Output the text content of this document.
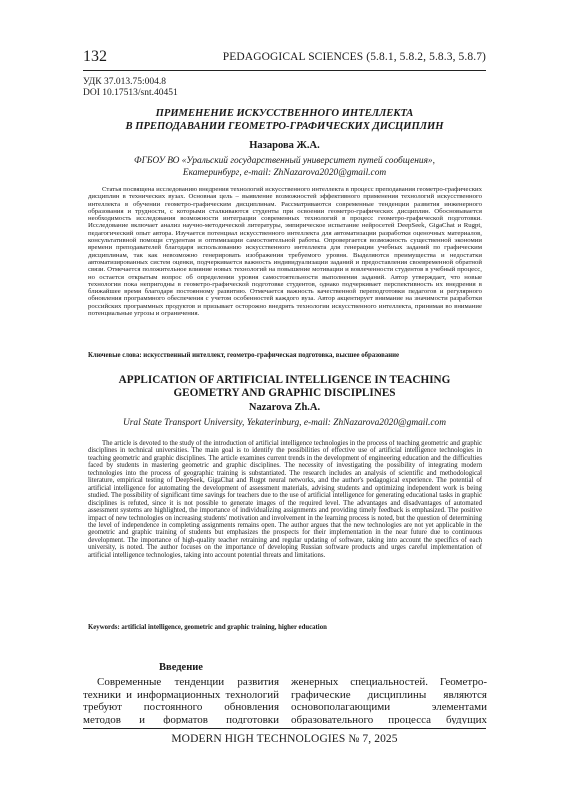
132	PEDAGOGICAL SCIENCES (5.8.1, 5.8.2, 5.8.3, 5.8.7)
УДК 37.013.75:004.8
DOI 10.17513/snt.40451
ПРИМЕНЕНИЕ ИСКУССТВЕННОГО ИНТЕЛЛЕКТА
В ПРЕПОДАВАНИИ ГЕОМЕТРО-ГРАФИЧЕСКИХ ДИСЦИПЛИН
Назарова Ж.А.
ФГБОУ ВО «Уральский государственный университет путей сообщения»,
Екатеринбург, e-mail: ZhNazarova2020@gmail.com

Статья посвящена исследованию внедрения технологий искусственного интеллекта в процесс преподавания геометро-графических дисциплин в технических вузах. Основная цель – выявление возможностей эффективного применения технологий искусственного интеллекта в обучении геометро-графическим дисциплинам. Рассматриваются современные тенденции развития инженерного образования и трудности, с которыми сталкиваются студенты при освоении геометро-графических дисциплин. Обосновывается необходимость исследования возможности интеграции современных технологий в процесс геометро-графической подготовки. Исследование включает анализ научно-методической литературы, эмпирическое испытание нейросетей DeepSeek, GigaChat и Rugpt, педагогический опыт автора. Изучается потенциал искусственного интеллекта для автоматизации разработки оценочных материалов, консультативной помощи студентам и оптимизации самостоятельной работы. Опровергается возможность существенной экономии времени преподавателей благодаря использованию искусственного интеллекта для генерации учебных заданий по графическим дисциплинам, так как невозможно генерировать изображения требуемого уровня. Выделяются преимущества и недостатки автоматизированных систем оценки, подчеркивается важность индивидуализации заданий и предоставления своевременной обратной связи. Отмечается положительное влияние новых технологий на повышение мотивации и вовлеченности студентов в учебный процесс, но остается открытым вопрос об определении уровня самостоятельности выполнения заданий. Автор утверждает, что новые технологии пока непригодны в геометро-графической подготовке студентов, однако подчеркивает перспективность их внедрения в ближайшее время благодаря постоянному развитию. Отмечается важность качественной переподготовки педагогов и регулярного обновления программного обеспечения с учетом особенностей каждого вуза. Автор акцентирует внимание на значимости разработки российских программных продуктов и призывает осторожно внедрять технологии искусственного интеллекта, принимая во внимание потенциальные угрозы и ограничения.

Ключевые слова: искусственный интеллект, геометро-графическая подготовка, высшее образование
APPLICATION OF ARTIFICIAL INTELLIGENCE IN TEACHING
GEOMETRY AND GRAPHIC DISCIPLINES
Nazarova Zh.A.
Ural State Transport University, Yekaterinburg, e-mail: ZhNazarova2020@gmail.com

The article is devoted to the study of the introduction of artificial intelligence technologies in the process of teaching geometric and graphic disciplines in technical universities. The main goal is to identify the possibilities of effective use of artificial intelligence technologies in teaching geometric and graphic disciplines. The article examines current trends in the development of engineering education and the difficulties faced by students in mastering geometric and graphic disciplines. The necessity of investigating the possibility of integrating modern technologies into the process of geographic training is substantiated. The research includes an analysis of scientific and methodological literature, empirical testing of DeepSeek, GigaChat and Rugpt neural networks, and the author's pedagogical experience. The potential of artificial intelligence for automating the development of assessment materials, advising students and optimizing independent work is being studied. The possibility of significant time savings for teachers due to the use of artificial intelligence for generating educational tasks in graphic disciplines is refuted, since it is not possible to generate images of the required level. The advantages and disadvantages of automated assessment systems are highlighted, the importance of individualizing assignments and providing timely feedback is emphasized. The positive impact of new technologies on increasing students' motivation and involvement in the learning process is noted, but the question of determining the level of independence in completing assignments remains open. The author argues that the new technologies are not yet applicable in the geometric and graphic training of students but emphasizes the prospects for their implementation in the near future due to continuous development. The importance of high-quality teacher retraining and regular updating of software, taking into account the specifics of each university, is noted. The author focuses on the importance of developing Russian software products and urges careful implementation of artificial intelligence technologies, taking into account potential threats and limitations.

Keywords: artificial intelligence, geometric and graphic training, higher education
Введение

Современные тенденции развития техники и информационных технологий требуют постоянного обновления методов и форматов подготовки

женерных специальностей. Геометро-графические дисциплины являются основополагающими элементами образовательного процесса будущих

MODERN HIGH TECHNOLOGIES № 7, 2025
